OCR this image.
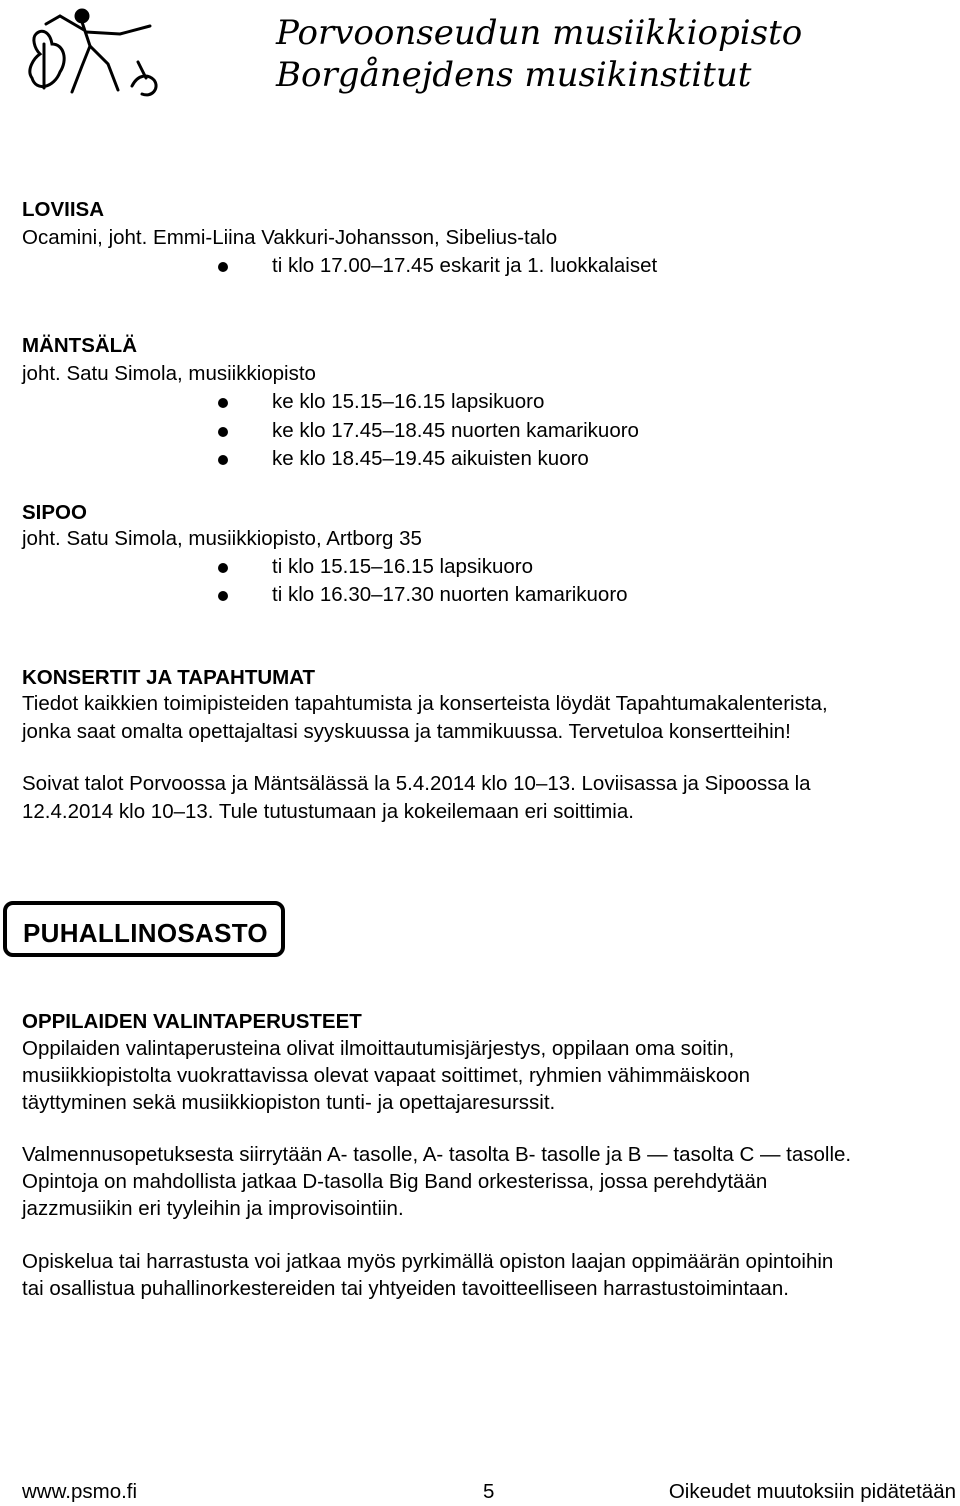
Porvoonseudun musiikkiopisto
Borgånejdens musikinstitut
LOVIISA
Ocamini, joht. Emmi-Liina Vakkuri-Johansson, Sibelius-talo
ti klo 17.00–17.45 eskarit ja 1. luokkalaiset
MÄNTSÄLÄ
joht. Satu Simola, musiikkiopisto
ke klo 15.15–16.15 lapsikuoro
ke klo 17.45–18.45 nuorten kamarikuoro
ke klo 18.45–19.45 aikuisten kuoro
SIPOO
joht. Satu Simola, musiikkiopisto, Artborg 35
ti klo 15.15–16.15 lapsikuoro
ti klo 16.30–17.30 nuorten kamarikuoro
KONSERTIT JA TAPAHTUMAT
Tiedot kaikkien toimipisteiden tapahtumista ja konserteista löydät Tapahtumakalenterista,
jonka saat omalta opettajaltasi syyskuussa ja tammikuussa. Tervetuloa konsertteihin!
Soivat talot Porvoossa ja Mäntsälässä la 5.4.2014 klo 10–13. Loviisassa ja Sipoossa la
12.4.2014 klo 10–13. Tule tutustumaan ja kokeilemaan eri soittimia.
PUHALLINOSASTO
OPPILAIDEN VALINTAPERUSTEET
Oppilaiden valintaperusteina olivat ilmoittautumisjärjestys, oppilaan oma soitin,
musiikkiopistolta vuokrattavissa olevat vapaat soittimet, ryhmien vähimmäiskoon
täyttyminen sekä musiikkiopiston tunti- ja opettajaresurssit.
Valmennusopetuksesta siirrytään A- tasolle, A- tasolta B- tasolle ja B — tasolta C — tasolle.
Opintoja on mahdollista jatkaa D-tasolla Big Band orkesterissa, jossa perehdytään
jazzmusiikin eri tyyleihin ja improvisointiin.
Opiskelua tai harrastusta voi jatkaa myös pyrkimällä opiston laajan oppimäärän opintoihin
tai osallistua puhallinorkestereiden tai yhtyeiden tavoitteelliseen harrastustoimintaan.
www.psmo.fi	5	Oikeudet muutoksiin pidätetään
